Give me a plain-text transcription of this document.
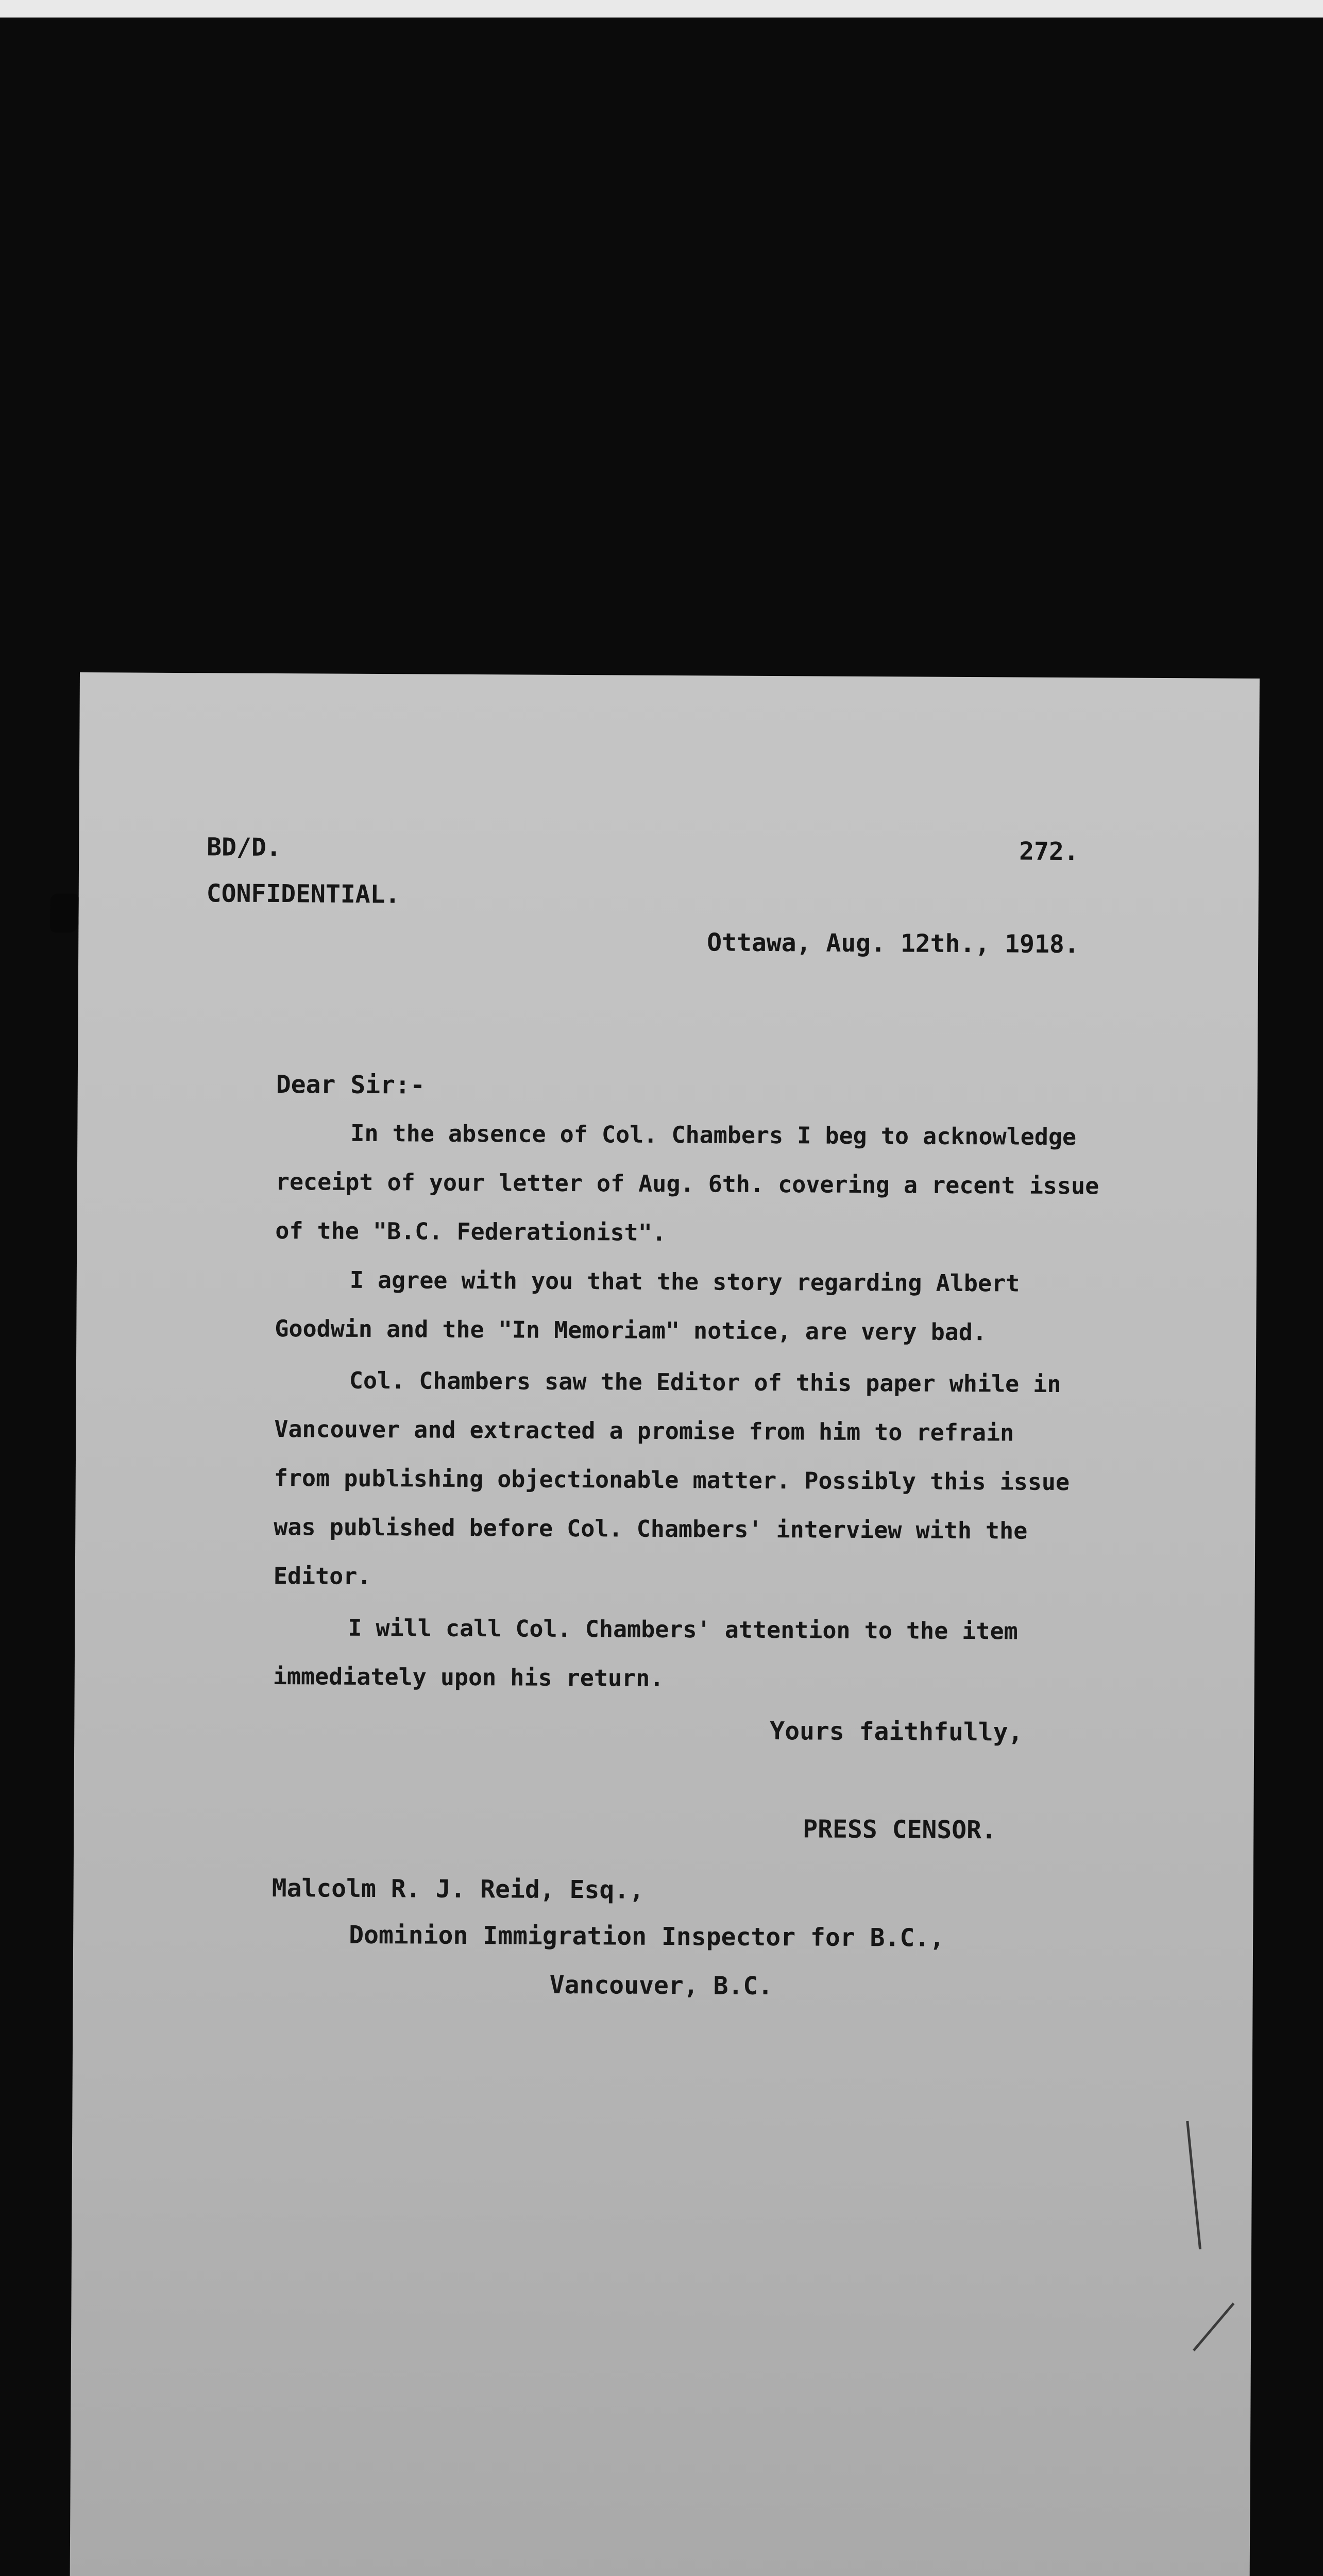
BD/D.	272.
CONFIDENTIAL.
Ottawa, Aug. 12th., 1918.
Dear Sir:-
In the absence of Col. Chambers I beg to acknowledge
receipt of your letter of Aug. 6th. covering a recent issue
of the "B.C. Federationist".
I agree with you that the story regarding Albert
Goodwin and the "In Memoriam" notice, are very bad.
Col. Chambers saw the Editor of this paper while in
Vancouver and extracted a promise from him to refrain
from publishing objectionable matter. Possibly this issue
was published before Col. Chambers' interview with the
Editor.
I will call Col. Chambers' attention to the item
immediately upon his return.
Yours faithfully,
PRESS CENSOR.
Malcolm R. J. Reid, Esq.,
Dominion Immigration Inspector for B.C.,
Vancouver, B.C.
